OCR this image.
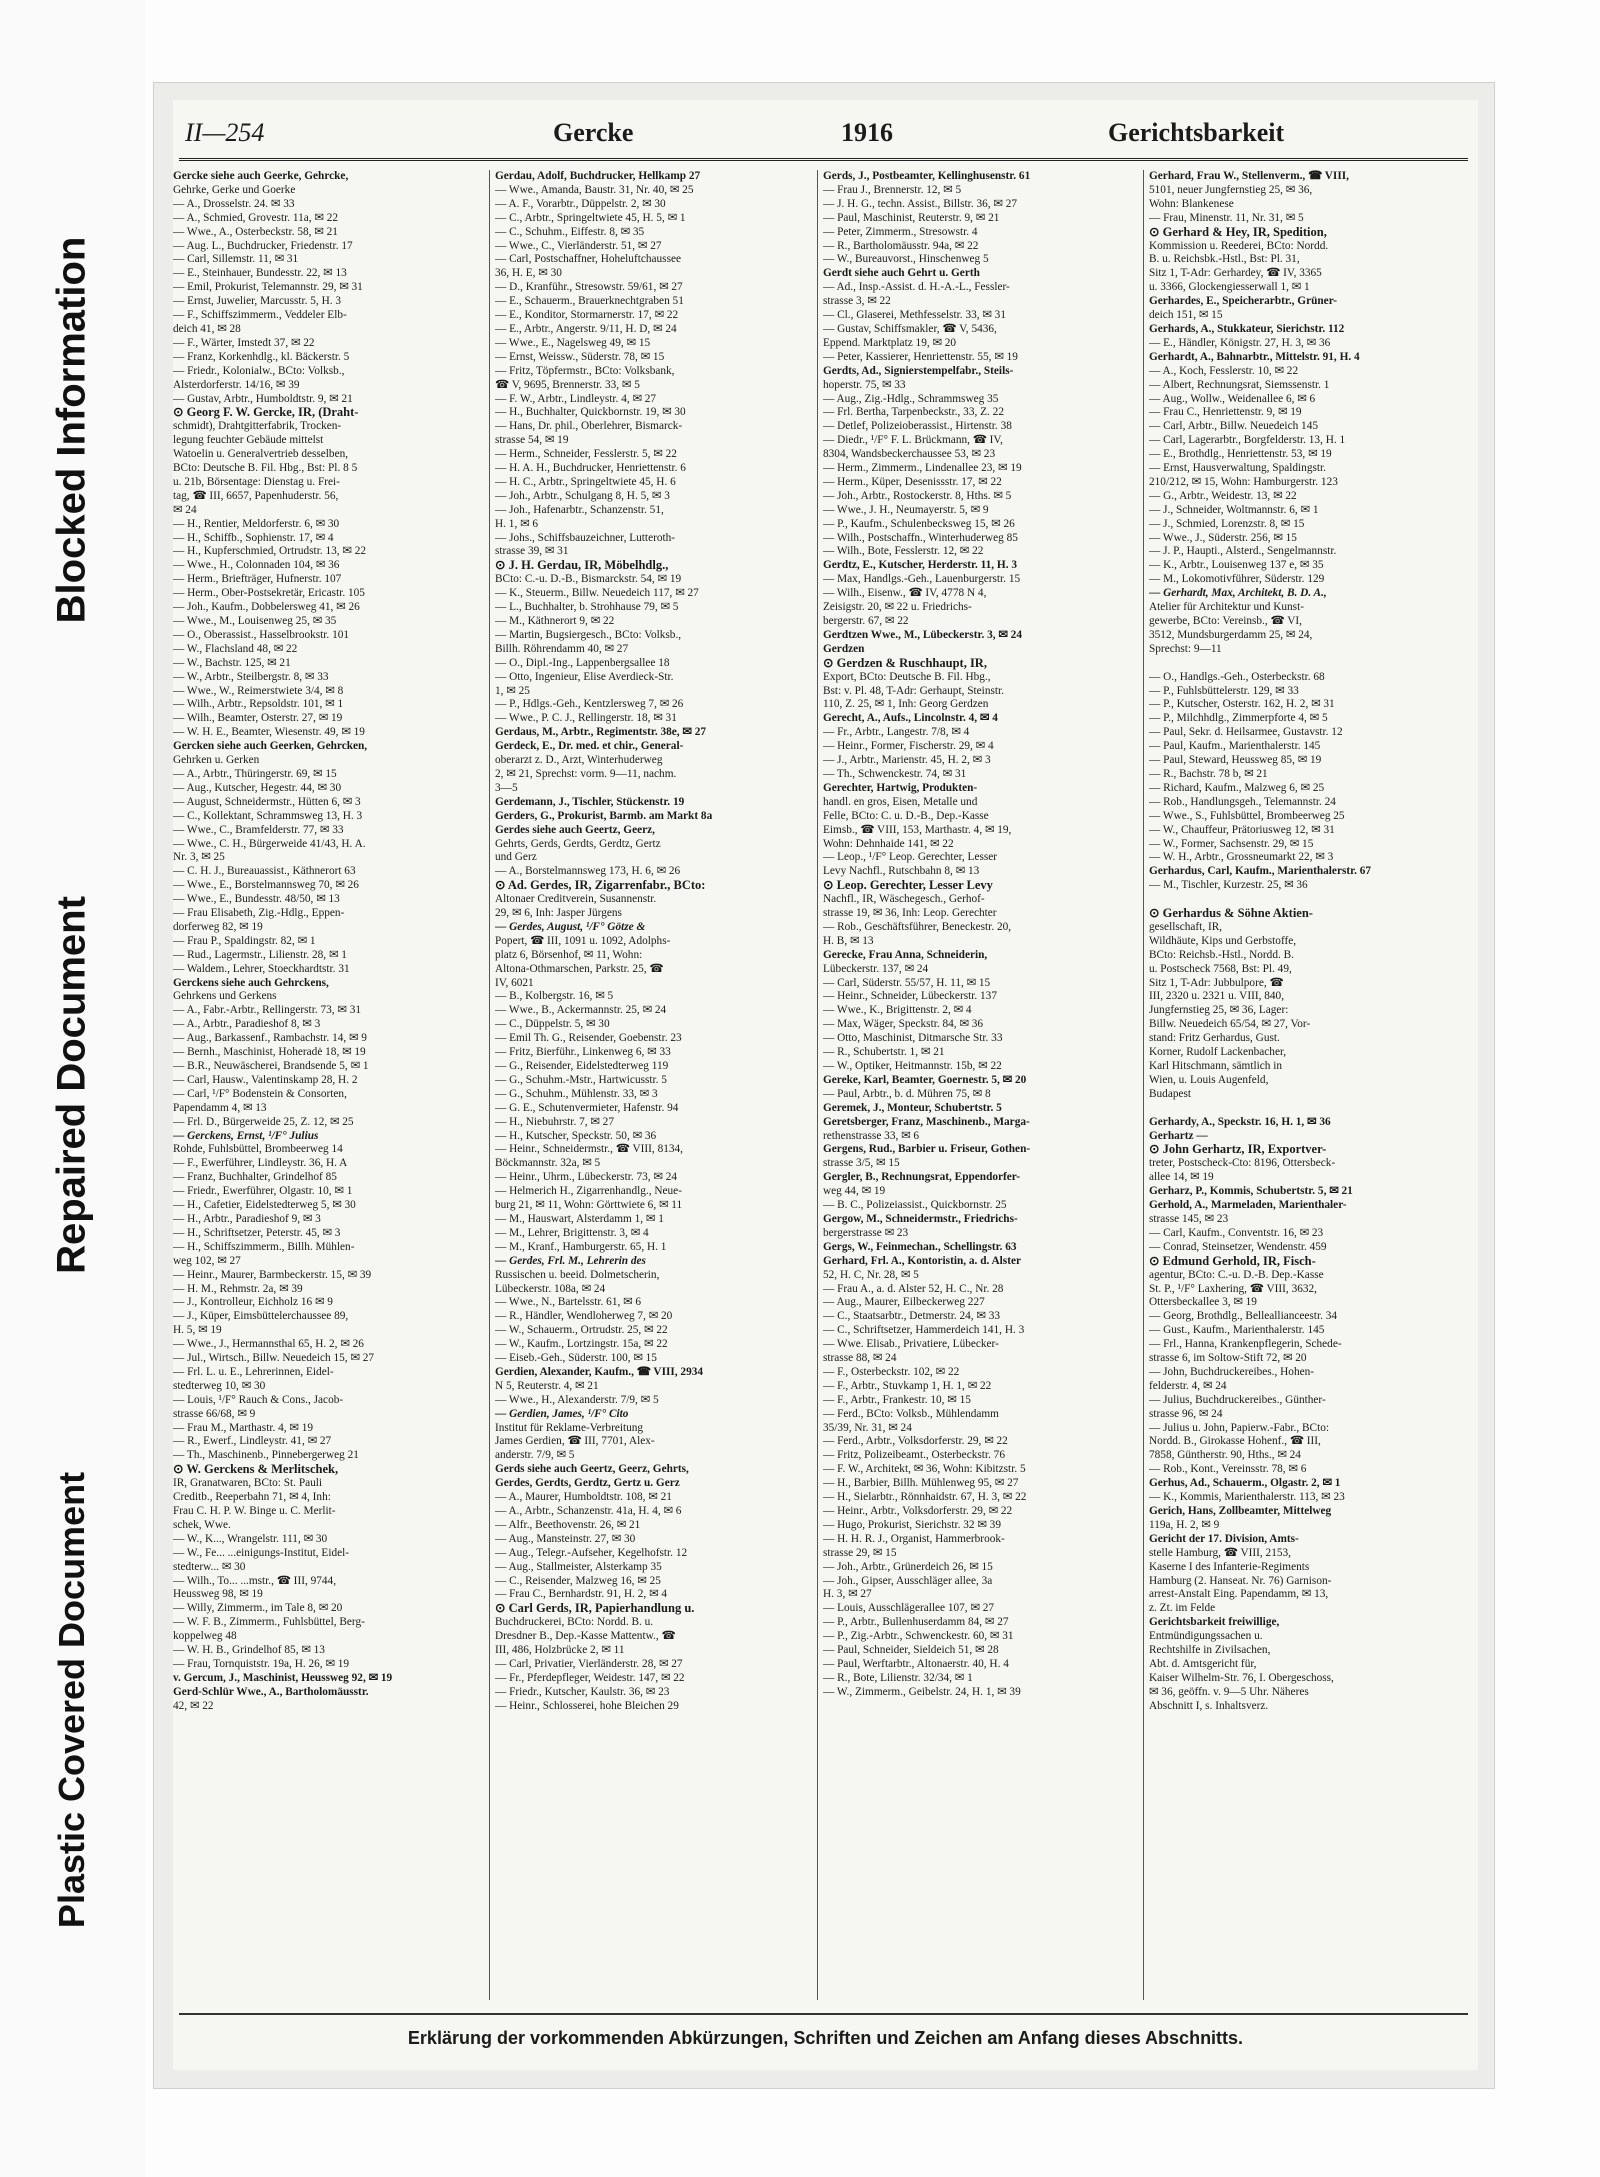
Blocked Information
Repaired Document
Plastic Covered Document
II—254	Gercke	1916	Gerichtsbarkeit

Gercke siehe auch Geerke, Gehrcke,

Gehrke, Gerke und Goerke

— A., Drosselstr. 24. ✉ 33

— A., Schmied, Grovestr. 11a, ✉ 22

— Wwe., A., Osterbeckstr. 58, ✉ 21

— Aug. L., Buchdrucker, Friedenstr. 17

— Carl, Sillemstr. 11, ✉ 31

— E., Steinhauer, Bundesstr. 22, ✉ 13

— Emil, Prokurist, Telemannstr. 29, ✉ 31

— Ernst, Juwelier, Marcusstr. 5, H. 3

— F., Schiffszimmerm., Veddeler Elb-

deich 41, ✉ 28

— F., Wärter, Imstedt 37, ✉ 22

— Franz, Korkenhdlg., kl. Bäckerstr. 5

— Friedr., Kolonialw., BCto: Volksb.,

Alsterdorferstr. 14/16, ✉ 39

— Gustav, Arbtr., Humboldtstr. 9, ✉ 21

⊙ Georg F. W. Gercke, IR, (Draht-

schmidt), Drahtgitterfabrik, Trocken-

legung feuchter Gebäude mittelst

Watoelin u. Generalvertrieb desselben,

BCto: Deutsche B. Fil. Hbg., Bst: Pl. 8 5

u. 21b, Börsentage: Dienstag u. Frei-

tag, ☎ III, 6657, Papenhuderstr. 56,

✉ 24

— H., Rentier, Meldorferstr. 6, ✉ 30

— H., Schiffb., Sophienstr. 17, ✉ 4

— H., Kupferschmied, Ortrudstr. 13, ✉ 22

— Wwe., H., Colonnaden 104, ✉ 36

— Herm., Briefträger, Hufnerstr. 107

— Herm., Ober-Postsekretär, Ericastr. 105

— Joh., Kaufm., Dobbelersweg 41, ✉ 26

— Wwe., M., Louisenweg 25, ✉ 35

— O., Oberassist., Hasselbrookstr. 101

— W., Flachsland 48, ✉ 22

— W., Bachstr. 125, ✉ 21

— W., Arbtr., Steilbergstr. 8, ✉ 33

— Wwe., W., Reimerstwiete 3/4, ✉ 8

— Wilh., Arbtr., Repsoldstr. 101, ✉ 1

— Wilh., Beamter, Osterstr. 27, ✉ 19

— W. H. E., Beamter, Wiesenstr. 49, ✉ 19

Gercken siehe auch Geerken, Gehrcken,

Gehrken u. Gerken

— A., Arbtr., Thüringerstr. 69, ✉ 15

— Aug., Kutscher, Hegestr. 44, ✉ 30

— August, Schneidermstr., Hütten 6, ✉ 3

— C., Kollektant, Schrammsweg 13, H. 3

— Wwe., C., Bramfelderstr. 77, ✉ 33

— Wwe., C. H., Bürgerweide 41/43, H. A.

Nr. 3, ✉ 25

— C. H. J., Bureauassist., Käthnerort 63

— Wwe., E., Borstelmannsweg 70, ✉ 26

— Wwe., E., Bundesstr. 48/50, ✉ 13

— Frau Elisabeth, Zig.-Hdlg., Eppen-

dorferweg 82, ✉ 19

— Frau P., Spaldingstr. 82, ✉ 1

— Rud., Lagermstr., Lilienstr. 28, ✉ 1

— Waldem., Lehrer, Stoeckhardtstr. 31

Gerckens siehe auch Gehrckens,

Gehrkens und Gerkens

— A., Fabr.-Arbtr., Rellingerstr. 73, ✉ 31

— A., Arbtr., Paradieshof 8, ✉ 3

— Aug., Barkassenf., Rambachstr. 14, ✉ 9

— Bernh., Maschinist, Hoheradė 18, ✉ 19

— B.R., Neuwäscherei, Brandsende 5, ✉ 1

— Carl, Hausw., Valentinskamp 28, H. 2

— Carl, ¹/F° Bodenstein & Consorten,

Papendamm 4, ✉ 13

— Frl. D., Bürgerweide 25, Z. 12, ✉ 25

— Gerckens, Ernst, ¹/F° Julius

Rohde, Fuhlsbüttel, Brombeerweg 14

— F., Ewerführer, Lindleystr. 36, H. A

— Franz, Buchhalter, Grindelhof 85

— Friedr., Ewerführer, Olgastr. 10, ✉ 1

— H., Cafetier, Eidelstedterweg 5, ✉ 30

— H., Arbtr., Paradieshof 9, ✉ 3

— H., Schriftsetzer, Peterstr. 45, ✉ 3

— H., Schiffszimmerm., Billh. Mühlen-

weg 102, ✉ 27

— Heinr., Maurer, Barmbeckerstr. 15, ✉ 39

— H. M., Rehmstr. 2a, ✉ 39

— J., Kontrolleur, Eichholz 16 ✉ 9

— J., Küper, Eimsbüttelerchaussee 89,

H. 5, ✉ 19

— Wwe., J., Hermannsthal 65, H. 2, ✉ 26

— Jul., Wirtsch., Billw. Neuedeich 15, ✉ 27

— Frl. L. u. E., Lehrerinnen, Eidel-

stedterweg 10, ✉ 30

— Louis, ¹/F° Rauch & Cons., Jacob-

strasse 66/68, ✉ 9

— Frau M., Marthastr. 4, ✉ 19

— R., Ewerf., Lindleystr. 41, ✉ 27

— Th., Maschinenb., Pinnebergerweg 21

⊙ W. Gerckens & Merlitschek,

IR, Granatwaren, BCto: St. Pauli

Creditb., Reeperbahn 71, ✉ 4, Inh:

Frau C. H. P. W. Binge u. C. Merlit-

schek, Wwe.

— W., K..., Wrangelstr. 111, ✉ 30

— W., Fe... ...einigungs-Institut, Eidel-

stedterw... ✉ 30

— Wilh., To... ...mstr., ☎ III, 9744,

Heussweg 98, ✉ 19

— Willy, Zimmerm., im Tale 8, ✉ 20

— W. F. B., Zimmerm., Fuhlsbüttel, Berg-

koppelweg 48

— W. H. B., Grindelhof 85, ✉ 13

— Frau, Tornquiststr. 19a, H. 26, ✉ 19

v. Gercum, J., Maschinist, Heussweg 92, ✉ 19

Gerd-Schlür Wwe., A., Bartholomäusstr.

42, ✉ 22

Gerdau, Adolf, Buchdrucker, Hellkamp 27

— Wwe., Amanda, Baustr. 31, Nr. 40, ✉ 25

— A. F., Vorarbtr., Düppelstr. 2, ✉ 30

— C., Arbtr., Springeltwiete 45, H. 5, ✉ 1

— C., Schuhm., Eiffestr. 8, ✉ 35

— Wwe., C., Vierländerstr. 51, ✉ 27

— Carl, Postschaffner, Hoheluftchaussee

36, H. E, ✉ 30

— D., Kranführ., Stresowstr. 59/61, ✉ 27

— E., Schauerm., Brauerknechtgraben 51

— E., Konditor, Stormarnerstr. 17, ✉ 22

— E., Arbtr., Angerstr. 9/11, H. D, ✉ 24

— Wwe., E., Nagelsweg 49, ✉ 15

— Ernst, Weissw., Süderstr. 78, ✉ 15

— Fritz, Töpfermstr., BCto: Volksbank,

☎ V, 9695, Brennerstr. 33, ✉ 5

— F. W., Arbtr., Lindleystr. 4, ✉ 27

— H., Buchhalter, Quickbornstr. 19, ✉ 30

— Hans, Dr. phil., Oberlehrer, Bismarck-

strasse 54, ✉ 19

— Herm., Schneider, Fesslerstr. 5, ✉ 22

— H. A. H., Buchdrucker, Henriettenstr. 6

— H. C., Arbtr., Springeltwiete 45, H. 6

— Joh., Arbtr., Schulgang 8, H. 5, ✉ 3

— Joh., Hafenarbtr., Schanzenstr. 51,

H. 1, ✉ 6

— Johs., Schiffsbauzeichner, Lutteroth-

strasse 39, ✉ 31

⊙ J. H. Gerdau, IR, Möbelhdlg.,

BCto: C.-u. D.-B., Bismarckstr. 54, ✉ 19

— K., Steuerm., Billw. Neuedeich 117, ✉ 27

— L., Buchhalter, b. Strohhause 79, ✉ 5

— M., Käthnerort 9, ✉ 22

— Martin, Bugsiergesch., BCto: Volksb.,

Billh. Röhrendamm 40, ✉ 27

— O., Dipl.-Ing., Lappenbergsallee 18

— Otto, Ingenieur, Elise Averdieck-Str.

1, ✉ 25

— P., Hdlgs.-Geh., Kentzlersweg 7, ✉ 26

— Wwe., P. C. J., Rellingerstr. 18, ✉ 31

Gerdaus, M., Arbtr., Regimentstr. 38e, ✉ 27

Gerdeck, E., Dr. med. et chir., General-

oberarzt z. D., Arzt, Winterhuderweg

2, ✉ 21, Sprechst: vorm. 9—11, nachm.

3—5

Gerdemann, J., Tischler, Stückenstr. 19

Gerders, G., Prokurist, Barmb. am Markt 8a

Gerdes siehe auch Geertz, Geerz,

Gehrts, Gerds, Gerdts, Gerdtz, Gertz

und Gerz

— A., Borstelmannsweg 173, H. 6, ✉ 26

⊙ Ad. Gerdes, IR, Zigarrenfabr., BCto:

Altonaer Creditverein, Susannenstr.

29, ✉ 6, Inh: Jasper Jürgens

— Gerdes, August, ¹/F° Götze &

Popert, ☎ III, 1091 u. 1092, Adolphs-

platz 6, Börsenhof, ✉ 11, Wohn:

Altona-Othmarschen, Parkstr. 25, ☎

IV, 6021

— B., Kolbergstr. 16, ✉ 5

— Wwe., B., Ackermannstr. 25, ✉ 24

— C., Düppelstr. 5, ✉ 30

— Emil Th. G., Reisender, Goebenstr. 23

— Fritz, Bierführ., Linkenweg 6, ✉ 33

— G., Reisender, Eidelstedterweg 119

— G., Schuhm.-Mstr., Hartwicusstr. 5

— G., Schuhm., Mühlenstr. 33, ✉ 3

— G. E., Schutenvermieter, Hafenstr. 94

— H., Niebuhrstr. 7, ✉ 27

— H., Kutscher, Speckstr. 50, ✉ 36

— Heinr., Schneidermstr., ☎ VIII, 8134,

Böckmannstr. 32a, ✉ 5

— Heinr., Uhrm., Lübeckerstr. 73, ✉ 24

— Helmerich H., Zigarrenhandlg., Neue-

burg 21, ✉ 11, Wohn: Görttwiete 6, ✉ 11

— M., Hauswart, Alsterdamm 1, ✉ 1

— M., Lehrer, Brigittenstr. 3, ✉ 4

— M., Kranf., Hamburgerstr. 65, H. 1

— Gerdes, Frl. M., Lehrerin des

Russischen u. beeid. Dolmetscherin,

Lübeckerstr. 108a, ✉ 24

— Wwe., N., Bartelsstr. 61, ✉ 6

— R., Händler, Wendloherweg 7, ✉ 20

— W., Schauerm., Ortrudstr. 25, ✉ 22

— W., Kaufm., Lortzingstr. 15a, ✉ 22

— Eiseb.-Geh., Süderstr. 100, ✉ 15

Gerdien, Alexander, Kaufm., ☎ VIII, 2934

N 5, Reuterstr. 4, ✉ 21

— Wwe., H., Alexanderstr. 7/9, ✉ 5

— Gerdien, James, ¹/F° Cito

Institut für Reklame-Verbreitung

James Gerdien, ☎ III, 7701, Alex-

anderstr. 7/9, ✉ 5

Gerds siehe auch Geertz, Geerz, Gehrts,

Gerdes, Gerdts, Gerdtz, Gertz u. Gerz

— A., Maurer, Humboldtstr. 108, ✉ 21

— A., Arbtr., Schanzenstr. 41a, H. 4, ✉ 6

— Alfr., Beethovenstr. 26, ✉ 21

— Aug., Mansteinstr. 27, ✉ 30

— Aug., Telegr.-Aufseher, Kegelhofstr. 12

— Aug., Stallmeister, Alsterkamp 35

— C., Reisender, Malzweg 16, ✉ 25

— Frau C., Bernhardstr. 91, H. 2, ✉ 4

⊙ Carl Gerds, IR, Papierhandlung u.

Buchdruckerei, BCto: Nordd. B. u.

Dresdner B., Dep.-Kasse Mattentw., ☎

III, 486, Holzbrücke 2, ✉ 11

— Carl, Privatier, Vierländerstr. 28, ✉ 27

— Fr., Pferdepfleger, Weidestr. 147, ✉ 22

— Friedr., Kutscher, Kaulstr. 36, ✉ 23

— Heinr., Schlosserei, hohe Bleichen 29

Gerds, J., Postbeamter, Kellinghusenstr. 61

— Frau J., Brennerstr. 12, ✉ 5

— J. H. G., techn. Assist., Billstr. 36, ✉ 27

— Paul, Maschinist, Reuterstr. 9, ✉ 21

— Peter, Zimmerm., Stresowstr. 4

— R., Bartholomäusstr. 94a, ✉ 22

— W., Bureauvorst., Hinschenweg 5

Gerdt siehe auch Gehrt u. Gerth

— Ad., Insp.-Assist. d. H.-A.-L., Fessler-

strasse 3, ✉ 22

— Cl., Glaserei, Methfesselstr. 33, ✉ 31

— Gustav, Schiffsmakler, ☎ V, 5436,

Eppend. Marktplatz 19, ✉ 20

— Peter, Kassierer, Henriettenstr. 55, ✉ 19

Gerdts, Ad., Signierstempelfabr., Steils-

hoperstr. 75, ✉ 33

— Aug., Zig.-Hdlg., Schrammsweg 35

— Frl. Bertha, Tarpenbeckstr., 33, Z. 22

— Detlef, Polizeioberassist., Hirtenstr. 38

— Diedr., ¹/F° F. L. Brückmann, ☎ IV,

8304, Wandsbeckerchaussee 53, ✉ 23

— Herm., Zimmerm., Lindenallee 23, ✉ 19

— Herm., Küper, Desenissstr. 17, ✉ 22

— Joh., Arbtr., Rostockerstr. 8, Hths. ✉ 5

— Wwe., J. H., Neumayerstr. 5, ✉ 9

— P., Kaufm., Schulenbecksweg 15, ✉ 26

— Wilh., Postschaffn., Winterhuderweg 85

— Wilh., Bote, Fesslerstr. 12, ✉ 22

Gerdtz, E., Kutscher, Herderstr. 11, H. 3

— Max, Handlgs.-Geh., Lauenburgerstr. 15

— Wilh., Eisenw., ☎ IV, 4778 N 4,

Zeisigstr. 20, ✉ 22 u. Friedrichs-

bergerstr. 67, ✉ 22

Gerdtzen Wwe., M., Lübeckerstr. 3, ✉ 24

Gerdzen

⊙ Gerdzen & Ruschhaupt, IR,

Export, BCto: Deutsche B. Fil. Hbg.,

Bst: v. Pl. 48, T-Adr: Gerhaupt, Steinstr.

110, Z. 25, ✉ 1, Inh: Georg Gerdzen

Gerecht, A., Aufs., Lincolnstr. 4, ✉ 4

— Fr., Arbtr., Langestr. 7/8, ✉ 4

— Heinr., Former, Fischerstr. 29, ✉ 4

— J., Arbtr., Marienstr. 45, H. 2, ✉ 3

— Th., Schwenckestr. 74, ✉ 31

Gerechter, Hartwig, Produkten-

handl. en gros, Eisen, Metalle und

Felle, BCto: C. u. D.-B., Dep.-Kasse

Eimsb., ☎ VIII, 153, Marthastr. 4, ✉ 19,

Wohn: Dehnhaide 141, ✉ 22

— Leop., ¹/F° Leop. Gerechter, Lesser

Levy Nachfl., Rutschbahn 8, ✉ 13

⊙ Leop. Gerechter, Lesser Levy

Nachfl., IR, Wäschegesch., Gerhof-

strasse 19, ✉ 36, Inh: Leop. Gerechter

— Rob., Geschäftsführer, Beneckestr. 20,

H. B, ✉ 13

Gerecke, Frau Anna, Schneiderin,

Lübeckerstr. 137, ✉ 24

— Carl, Süderstr. 55/57, H. 11, ✉ 15

— Heinr., Schneider, Lübeckerstr. 137

— Wwe., K., Brigittenstr. 2, ✉ 4

— Max, Wäger, Speckstr. 84, ✉ 36

— Otto, Maschinist, Ditmarsche Str. 33

— R., Schubertstr. 1, ✉ 21

— W., Optiker, Heitmannstr. 15b, ✉ 22

Gereke, Karl, Beamter, Goernestr. 5, ✉ 20

— Paul, Arbtr., b. d. Mühren 75, ✉ 8

Geremek, J., Monteur, Schubertstr. 5

Geretsberger, Franz, Maschinenb., Marga-

rethenstrasse 33, ✉ 6

Gergens, Rud., Barbier u. Friseur, Gothen-

strasse 3/5, ✉ 15

Gergler, B., Rechnungsrat, Eppendorfer-

weg 44, ✉ 19

— B. C., Polizeiassist., Quickbornstr. 25

Gergow, M., Schneidermstr., Friedrichs-

bergerstrasse ✉ 23

Gergs, W., Feinmechan., Schellingstr. 63

Gerhard, Frl. A., Kontoristin, a. d. Alster

52, H. C, Nr. 28, ✉ 5

— Frau A., a. d. Alster 52, H. C., Nr. 28

— Aug., Maurer, Eilbeckerweg 227

— C., Staatsarbtr., Detmerstr. 24, ✉ 33

— C., Schriftsetzer, Hammerdeich 141, H. 3

— Wwe. Elisab., Privatiere, Lübecker-

strasse 88, ✉ 24

— F., Osterbeckstr. 102, ✉ 22

— F., Arbtr., Stuvkamp 1, H. 1, ✉ 22

— F., Arbtr., Frankestr. 10, ✉ 15

— Ferd., BCto: Volksb., Mühlendamm

35/39, Nr. 31, ✉ 24

— Ferd., Arbtr., Volksdorferstr. 29, ✉ 22

— Fritz, Polizeibeamt., Osterbeckstr. 76

— F. W., Architekt, ✉ 36, Wohn: Kibitzstr. 5

— H., Barbier, Billh. Mühlenweg 95, ✉ 27

— H., Sielarbtr., Rönnhaidstr. 67, H. 3, ✉ 22

— Heinr., Arbtr., Volksdorferstr. 29, ✉ 22

— Hugo, Prokurist, Sierichstr. 32 ✉ 39

— H. H. R. J., Organist, Hammerbrook-

strasse 29, ✉ 15

— Joh., Arbtr., Grünerdeich 26, ✉ 15

— Joh., Gipser, Ausschläger allee, 3a

H. 3, ✉ 27

— Louis, Ausschlägerallee 107, ✉ 27

— P., Arbtr., Bullenhuserdamm 84, ✉ 27

— P., Zig.-Arbtr., Schwenckestr. 60, ✉ 31

— Paul, Schneider, Sieldeich 51, ✉ 28

— Paul, Werftarbtr., Altonaerstr. 40, H. 4

— R., Bote, Lilienstr. 32/34, ✉ 1

— W., Zimmerm., Geibelstr. 24, H. 1, ✉ 39

Gerhard, Frau W., Stellenverm., ☎ VIII,

5101, neuer Jungfernstieg 25, ✉ 36,

Wohn: Blankenese

— Frau, Minenstr. 11, Nr. 31, ✉ 5

⊙ Gerhard & Hey, IR, Spedition,

Kommission u. Reederei, BCto: Nordd.

B. u. Reichsbk.-Hstl., Bst: Pl. 31,

Sitz 1, T-Adr: Gerhardey, ☎ IV, 3365

u. 3366, Glockengiesserwall 1, ✉ 1

Gerhardes, E., Speicherarbtr., Grüner-

deich 151, ✉ 15

Gerhards, A., Stukkateur, Sierichstr. 112

— E., Händler, Königstr. 27, H. 3, ✉ 36

Gerhardt, A., Bahnarbtr., Mittelstr. 91, H. 4

— A., Koch, Fesslerstr. 10, ✉ 22

— Albert, Rechnungsrat, Siemssenstr. 1

— Aug., Wollw., Weidenallee 6, ✉ 6

— Frau C., Henriettenstr. 9, ✉ 19

— Carl, Arbtr., Billw. Neuedeich 145

— Carl, Lagerarbtr., Borgfelderstr. 13, H. 1

— E., Brothdlg., Henriettenstr. 53, ✉ 19

— Ernst, Hausverwaltung, Spaldingstr.

210/212, ✉ 15, Wohn: Hamburgerstr. 123

— G., Arbtr., Weidestr. 13, ✉ 22

— J., Schneider, Woltmannstr. 6, ✉ 1

— J., Schmied, Lorenzstr. 8, ✉ 15

— Wwe., J., Süderstr. 256, ✉ 15

— J. P., Haupti., Alsterd., Sengelmannstr.

— K., Arbtr., Louisenweg 137 e, ✉ 35

— M., Lokomotivführer, Süderstr. 129

— Gerhardt, Max, Architekt, B. D. A.,

Atelier für Architektur und Kunst-

gewerbe, BCto: Vereinsb., ☎ VI,

3512, Mundsburgerdamm 25, ✉ 24,

Sprechst: 9—11

— O., Handlgs.-Geh., Osterbeckstr. 68

— P., Fuhlsbüttelerstr. 129, ✉ 33

— P., Kutscher, Osterstr. 162, H. 2, ✉ 31

— P., Milchhdlg., Zimmerpforte 4, ✉ 5

— Paul, Sekr. d. Heilsarmee, Gustavstr. 12

— Paul, Kaufm., Marienthalerstr. 145

— Paul, Steward, Heussweg 85, ✉ 19

— R., Bachstr. 78 b, ✉ 21

— Richard, Kaufm., Malzweg 6, ✉ 25

— Rob., Handlungsgeh., Telemannstr. 24

— Wwe., S., Fuhlsbüttel, Brombeerweg 25

— W., Chauffeur, Prätoriusweg 12, ✉ 31

— W., Former, Sachsenstr. 29, ✉ 15

— W. H., Arbtr., Grossneumarkt 22, ✉ 3

Gerhardus, Carl, Kaufm., Marienthalerstr. 67

— M., Tischler, Kurzestr. 25, ✉ 36

⊙ Gerhardus & Söhne Aktien-

gesellschaft, IR,

Wildhäute, Kips und Gerbstoffe,

BCto: Reichsb.-Hstl., Nordd. B.

u. Postscheck 7568, Bst: Pl. 49,

Sitz 1, T-Adr: Jubbulpore, ☎

III, 2320 u. 2321 u. VIII, 840,

Jungfernstieg 25, ✉ 36, Lager:

Billw. Neuedeich 65/54, ✉ 27, Vor-

stand: Fritz Gerhardus, Gust.

Korner, Rudolf Lackenbacher,

Karl Hitschmann, sämtlich in

Wien, u. Louis Augenfeld,

Budapest

Gerhardy, A., Speckstr. 16, H. 1, ✉ 36

Gerhartz —

⊙ John Gerhartz, IR, Exportver-

treter, Postscheck-Cto: 8196, Ottersbeck-

allee 14, ✉ 19

Gerharz, P., Kommis, Schubertstr. 5, ✉ 21

Gerhold, A., Marmeladen, Marienthaler-

strasse 145, ✉ 23

— Carl, Kaufm., Conventstr. 16, ✉ 23

— Conrad, Steinsetzer, Wendenstr. 459

⊙ Edmund Gerhold, IR, Fisch-

agentur, BCto: C.-u. D.-B. Dep.-Kasse

St. P., ¹/F° Laxhering, ☎ VIII, 3632,

Ottersbeckallee 3, ✉ 19

— Georg, Brothdlg., Belleallianceestr. 34

— Gust., Kaufm., Marienthalerstr. 145

— Frl., Hanna, Krankenpflegerin, Schede-

strasse 6, im Soltow-Stift 72, ✉ 20

— John, Buchdruckereibes., Hohen-

felderstr. 4, ✉ 24

— Julius, Buchdruckereibes., Günther-

strasse 96, ✉ 24

— Julius u. John, Papierw.-Fabr., BCto:

Nordd. B., Girokasse Hohenf., ☎ III,

7858, Güntherstr. 90, Hths., ✉ 24

— Rob., Kont., Vereinsstr. 78, ✉ 6

Gerhus, Ad., Schauerm., Olgastr. 2, ✉ 1

— K., Kommis, Marienthalerstr. 113, ✉ 23

Gerich, Hans, Zollbeamter, Mittelweg

119a, H. 2, ✉ 9

Gericht der 17. Division, Amts-

stelle Hamburg, ☎ VIII, 2153,

Kaserne I des Infanterie-Regiments

Hamburg (2. Hanseat. Nr. 76) Garnison-

arrest-Anstalt Eing. Papendamm, ✉ 13,

z. Zt. im Felde

Gerichtsbarkeit freiwillige,

Entmündigungssachen u.

Rechtshilfe in Zivilsachen,

Abt. d. Amtsgericht für,

Kaiser Wilhelm-Str. 76, I. Obergeschoss,

✉ 36, geöffn. v. 9—5 Uhr. Näheres

Abschnitt I, s. Inhaltsverz.

Erklärung der vorkommenden Abkürzungen, Schriften und Zeichen am Anfang dieses Abschnitts.
